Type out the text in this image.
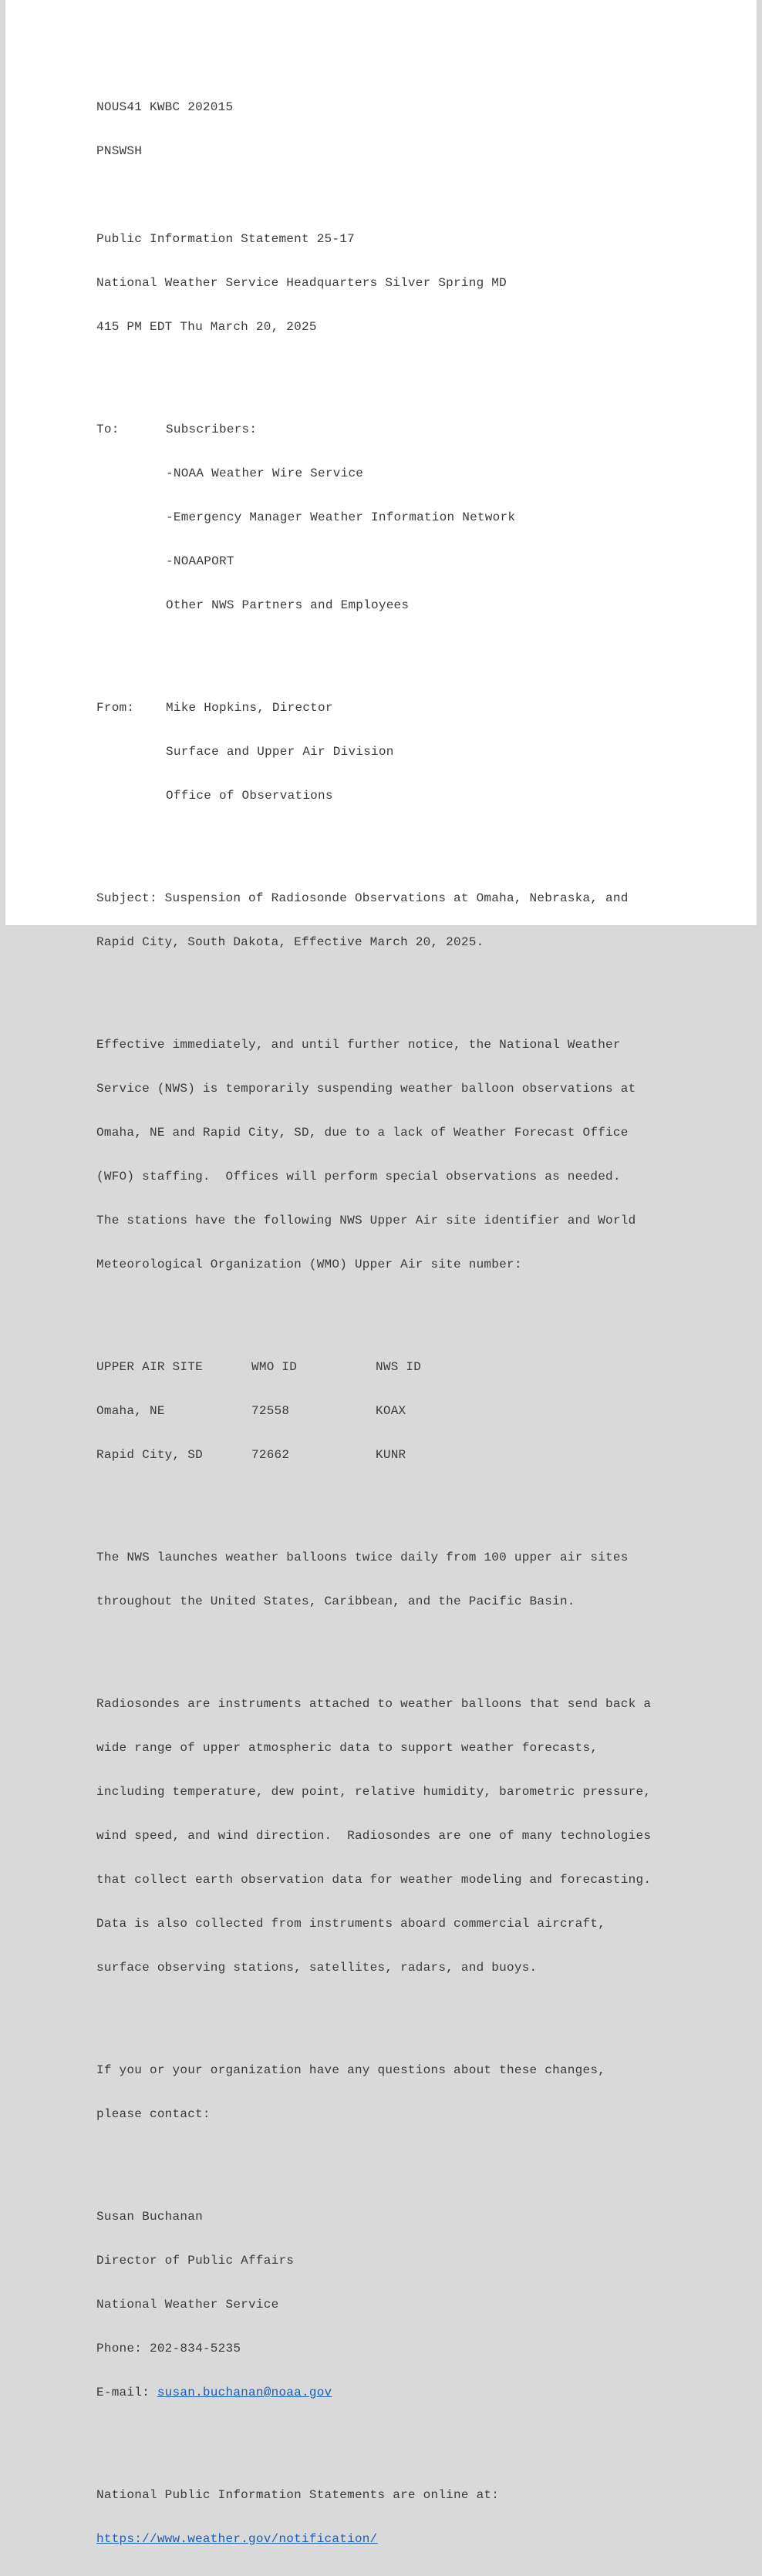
NOUS41 KWBC 202015

PNSWSH

Public Information Statement 25-17

National Weather Service Headquarters Silver Spring MD

415 PM EDT Thu March 20, 2025

To:	Subscribers:

-NOAA Weather Wire Service

-Emergency Manager Weather Information Network

-NOAAPORT

Other NWS Partners and Employees

From:	Mike Hopkins, Director

Surface and Upper Air Division

Office of Observations

Subject: Suspension of Radiosonde Observations at Omaha, Nebraska, and

Rapid City, South Dakota, Effective March 20, 2025.

Effective immediately, and until further notice, the National Weather

Service (NWS) is temporarily suspending weather balloon observations at

Omaha, NE and Rapid City, SD, due to a lack of Weather Forecast Office

(WFO) staffing.  Offices will perform special observations as needed.

The stations have the following NWS Upper Air site identifier and World

Meteorological Organization (WMO) Upper Air site number:

UPPER AIR SITE	WMO ID	NWS ID

Omaha, NE	72558	KOAX

Rapid City, SD	72662	KUNR

The NWS launches weather balloons twice daily from 100 upper air sites

throughout the United States, Caribbean, and the Pacific Basin.

Radiosondes are instruments attached to weather balloons that send back a

wide range of upper atmospheric data to support weather forecasts,

including temperature, dew point, relative humidity, barometric pressure,

wind speed, and wind direction.  Radiosondes are one of many technologies

that collect earth observation data for weather modeling and forecasting.

Data is also collected from instruments aboard commercial aircraft,

surface observing stations, satellites, radars, and buoys.

If you or your organization have any questions about these changes,

please contact:

Susan Buchanan

Director of Public Affairs

National Weather Service

Phone: 202-834-5235

E-mail: susan.buchanan@noaa.gov

National Public Information Statements are online at:

https://www.weather.gov/notification/
